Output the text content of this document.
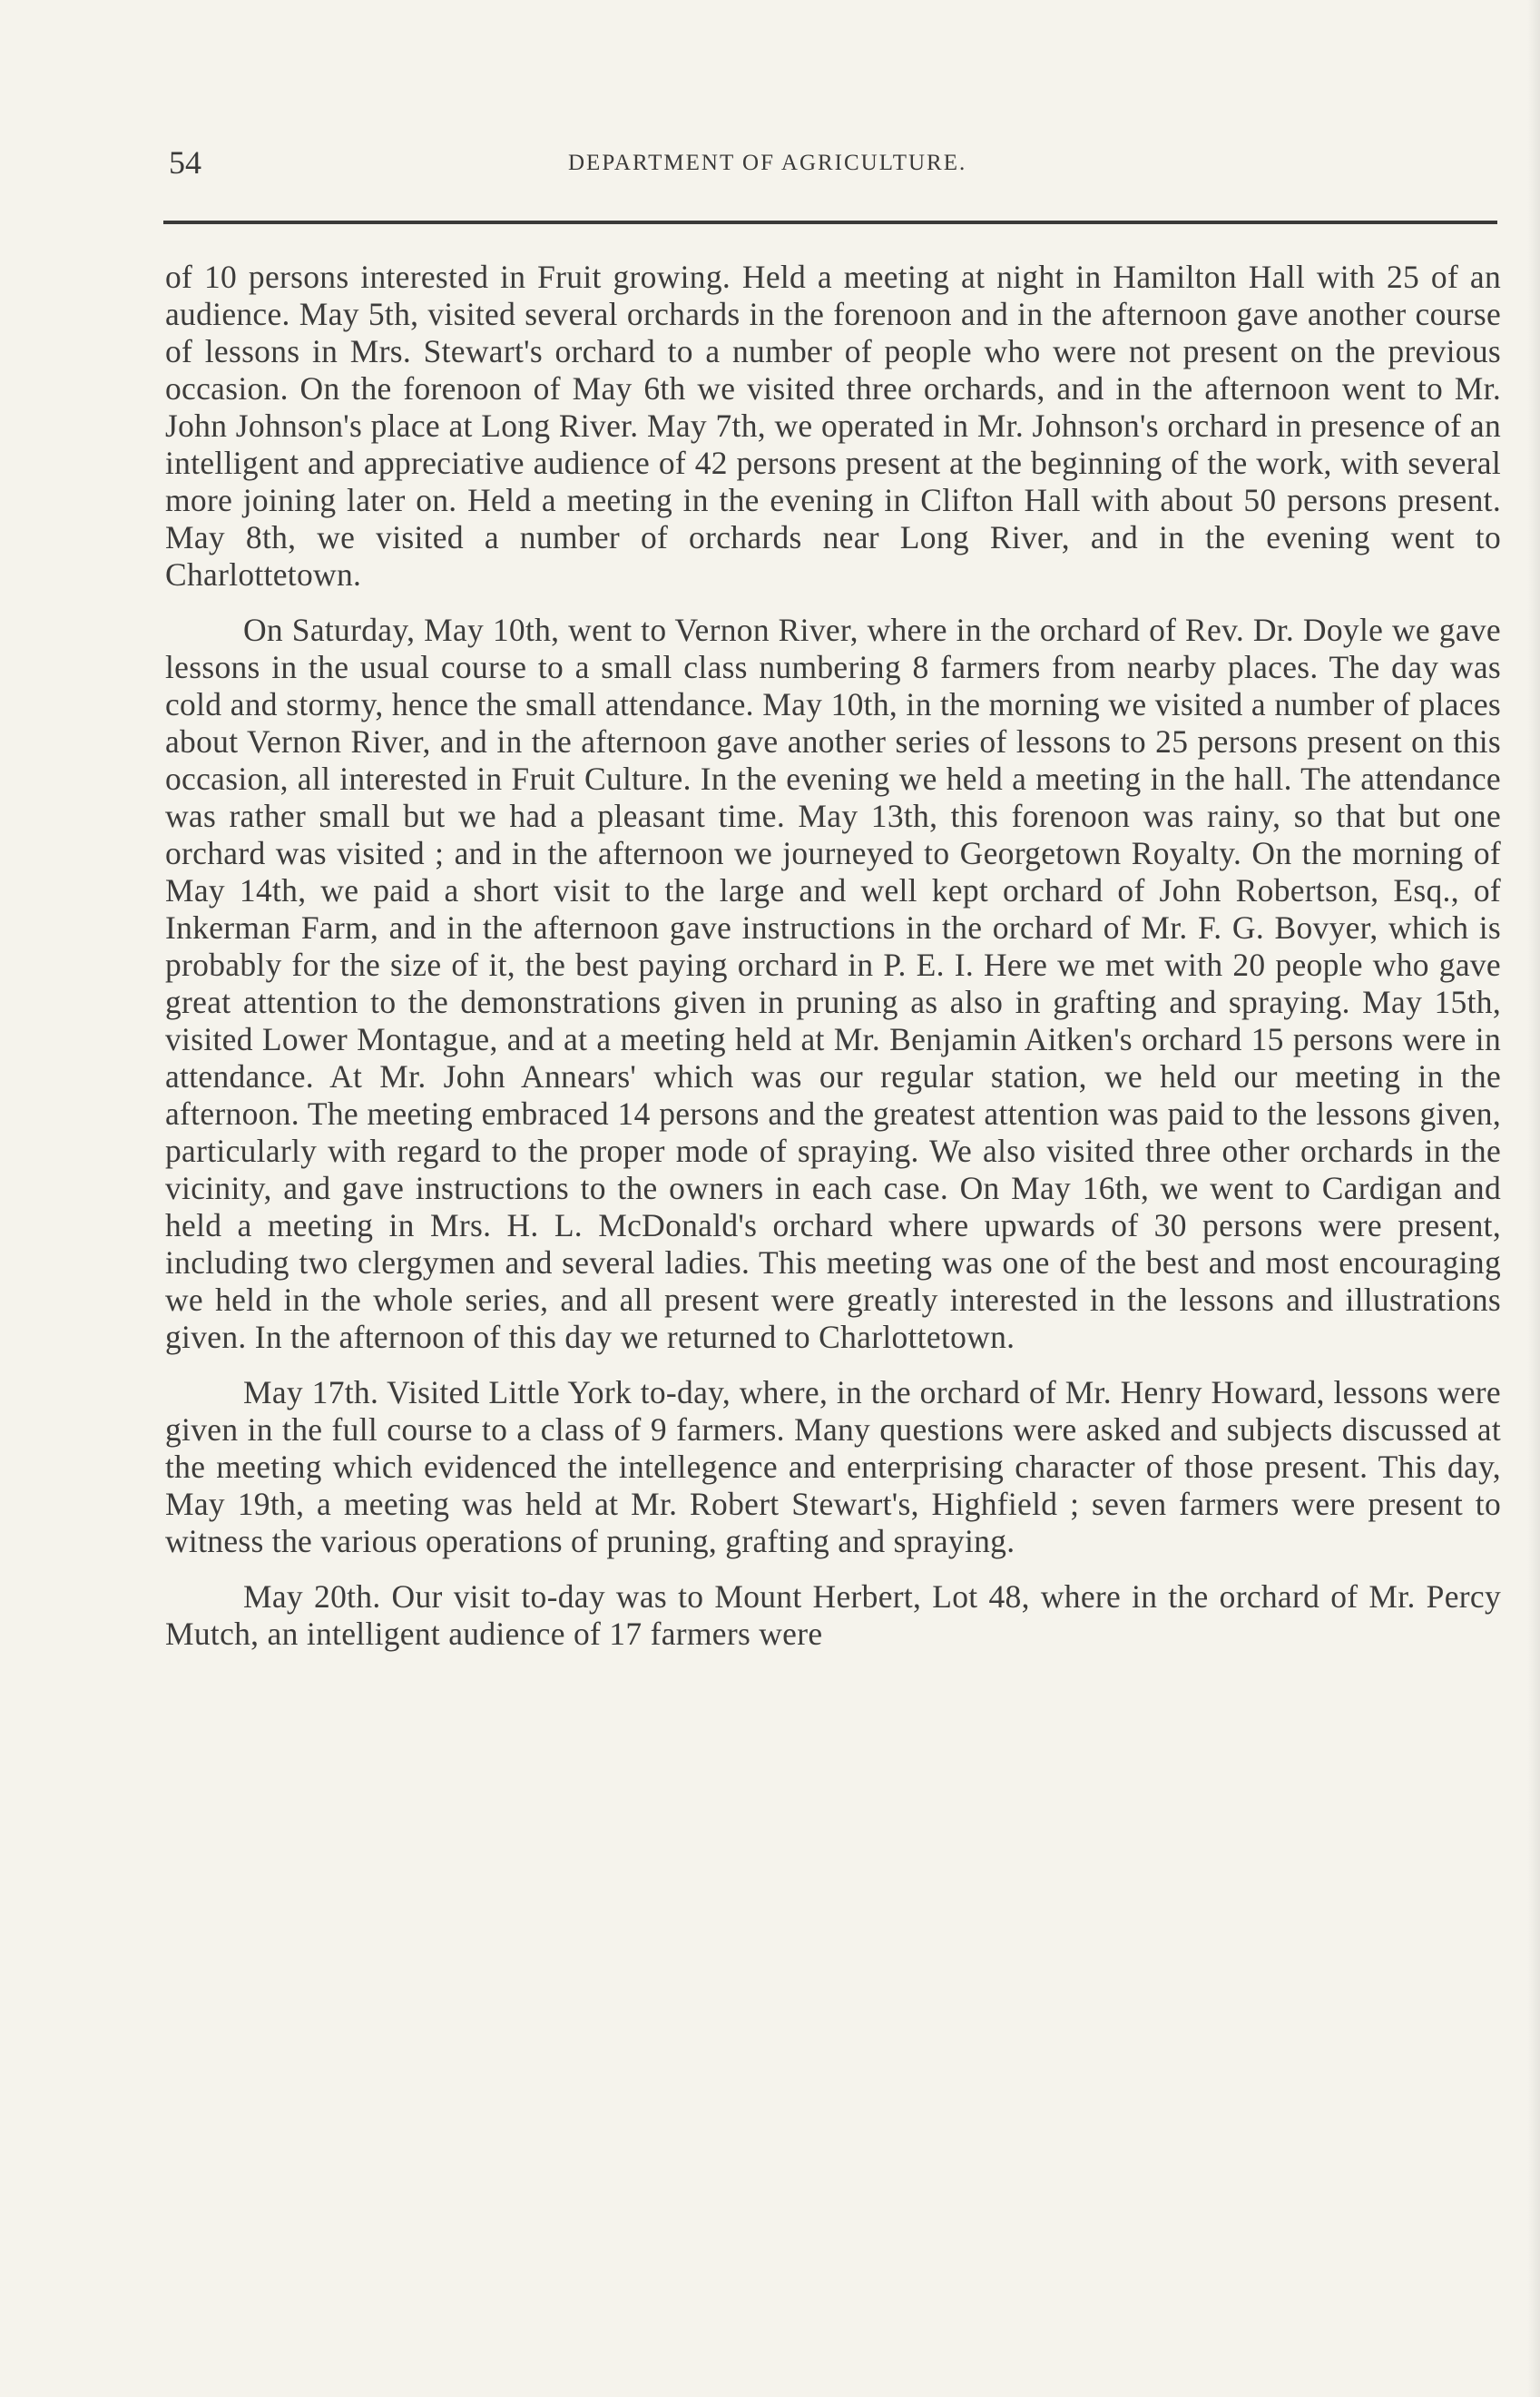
54	DEPARTMENT OF AGRICULTURE.

of 10 persons interested in Fruit growing. Held a meeting at night in Hamilton Hall with 25 of an audience. May 5th, visited several orchards in the forenoon and in the afternoon gave another course of lessons in Mrs. Stewart's orchard to a number of people who were not present on the previous occasion. On the forenoon of May 6th we visited three orchards, and in the afternoon went to Mr. John Johnson's place at Long River. May 7th, we operated in Mr. Johnson's orchard in presence of an intelligent and appreciative audience of 42 persons present at the beginning of the work, with several more joining later on. Held a meeting in the evening in Clifton Hall with about 50 persons present. May 8th, we visited a number of orchards near Long River, and in the evening went to Charlottetown.

On Saturday, May 10th, went to Vernon River, where in the orchard of Rev. Dr. Doyle we gave lessons in the usual course to a small class numbering 8 farmers from nearby places. The day was cold and stormy, hence the small attendance. May 10th, in the morning we visited a number of places about Vernon River, and in the afternoon gave another series of lessons to 25 persons present on this occasion, all interested in Fruit Culture. In the evening we held a meeting in the hall. The attendance was rather small but we had a pleasant time. May 13th, this forenoon was rainy, so that but one orchard was visited ; and in the afternoon we journeyed to Georgetown Royalty. On the morning of May 14th, we paid a short visit to the large and well kept orchard of John Robertson, Esq., of Inkerman Farm, and in the afternoon gave instructions in the orchard of Mr. F. G. Bovyer, which is probably for the size of it, the best paying orchard in P. E. I. Here we met with 20 people who gave great attention to the demonstrations given in pruning as also in grafting and spraying. May 15th, visited Lower Montague, and at a meeting held at Mr. Benjamin Aitken's orchard 15 persons were in attendance. At Mr. John Annears' which was our regular station, we held our meeting in the afternoon. The meeting embraced 14 persons and the greatest attention was paid to the lessons given, particularly with regard to the proper mode of spraying. We also visited three other orchards in the vicinity, and gave instructions to the owners in each case. On May 16th, we went to Cardigan and held a meeting in Mrs. H. L. McDonald's orchard where upwards of 30 persons were present, including two clergymen and several ladies. This meeting was one of the best and most encouraging we held in the whole series, and all present were greatly interested in the lessons and illustrations given. In the afternoon of this day we returned to Charlottetown.

May 17th. Visited Little York to-day, where, in the orchard of Mr. Henry Howard, lessons were given in the full course to a class of 9 farmers. Many questions were asked and subjects discussed at the meeting which evidenced the intellegence and enterprising character of those present. This day, May 19th, a meeting was held at Mr. Robert Stewart's, Highfield ; seven farmers were present to witness the various operations of pruning, grafting and spraying.

May 20th. Our visit to-day was to Mount Herbert, Lot 48, where in the orchard of Mr. Percy Mutch, an intelligent audience of 17 farmers were
